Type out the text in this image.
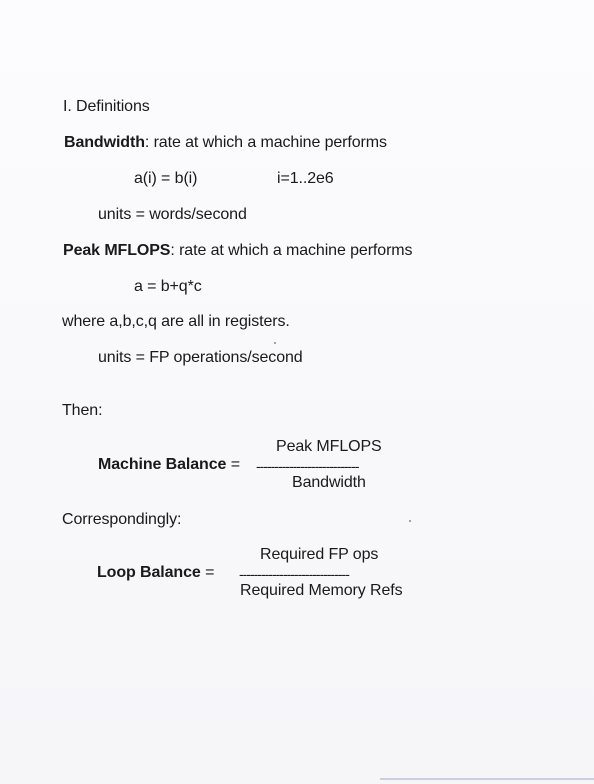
I. Definitions
Bandwidth: rate at which a machine performs
a(i) = b(i)	i=1..2e6
units = words/second
Peak MFLOPS: rate at which a machine performs
a = b+q*c
where a,b,c,q are all in registers.
units = FP operations/second
Then:
Peak MFLOPS
Machine Balance = ----------------------------
Bandwidth
Correspondingly:
Required FP ops
Loop Balance = ------------------------------
Required Memory Refs
